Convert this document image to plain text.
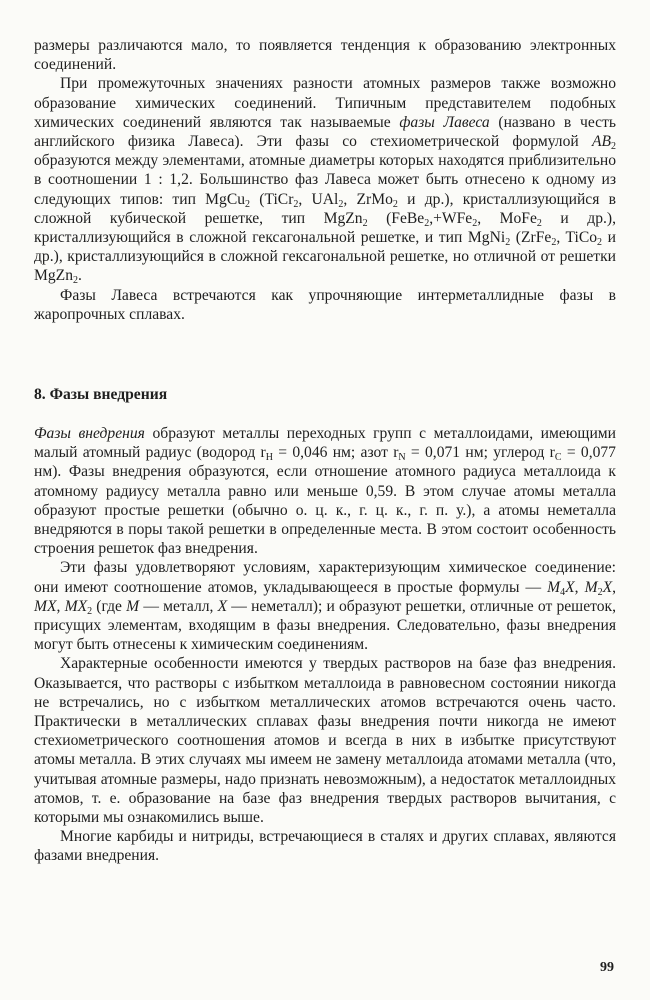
размеры различаются мало, то появляется тенденция к образованию электронных соединений.

При промежуточных значениях разности атомных размеров также возможно образование химических соединений. Типичным представителем подобных химических соединений являются так называемые фазы Лавеса (названо в честь английского физика Лавеса). Эти фазы со стехиометрической формулой $AB_2$ образуются между элементами, атомные диаметры которых находятся приблизительно в соотношении 1 : 1,2. Большинство фаз Лавеса может быть отнесено к одному из следующих типов: тип MgCu$_2$ (TiCr$_2$, UAl$_2$, ZrMo$_2$ и др.), кристаллизующийся в сложной кубической решетке, тип MgZn$_2$ (FeBe$_2$,+WFe$_2$, MoFe$_2$ и др.), кристаллизующийся в сложной гексагональной решетке, и тип MgNi$_2$ (ZrFe$_2$, TiCo$_2$ и др.), кристаллизующийся в сложной гексагональной решетке, но отличной от решетки MgZn$_2$.

Фазы Лавеса встречаются как упрочняющие интерметаллидные фазы в жаропрочных сплавах.

8. Фазы внедрения

Фазы внедрения образуют металлы переходных групп с металлоидами, имеющими малый атомный радиус (водород $r_H = 0,046$ нм; азот $r_N = 0,071$ нм; углерод $r_C = 0,077$ нм). Фазы внедрения образуются, если отношение атомного радиуса металлоида к атомному радиусу металла равно или меньше 0,59. В этом случае атомы металла образуют простые решетки (обычно о. ц. к., г. ц. к., г. п. у.), а атомы неметалла внедряются в поры такой решетки в определенные места. В этом состоит особенность строения решеток фаз внедрения.

Эти фазы удовлетворяют условиям, характеризующим химическое соединение: они имеют соотношение атомов, укладывающееся в простые формулы — $M_4X$, $M_2X$, MX, $MX_2$ (где M — металл, X — неметалл); и образуют решетки, отличные от решеток, присущих элементам, входящим в фазы внедрения. Следовательно, фазы внедрения могут быть отнесены к химическим соединениям.

Характерные особенности имеются у твердых растворов на базе фаз внедрения. Оказывается, что растворы с избытком металлоида в равновесном состоянии никогда не встречались, но с избытком металлических атомов встречаются очень часто. Практически в металлических сплавах фазы внедрения почти никогда не имеют стехиометрического соотношения атомов и всегда в них в избытке присутствуют атомы металла. В этих случаях мы имеем не замену металлоида атомами металла (что, учитывая атомные размеры, надо признать невозможным), а недостаток металлоидных атомов, т. е. образование на базе фаз внедрения твердых растворов вычитания, с которыми мы ознакомились выше.

Многие карбиды и нитриды, встречающиеся в сталях и других сплавах, являются фазами внедрения.

99
